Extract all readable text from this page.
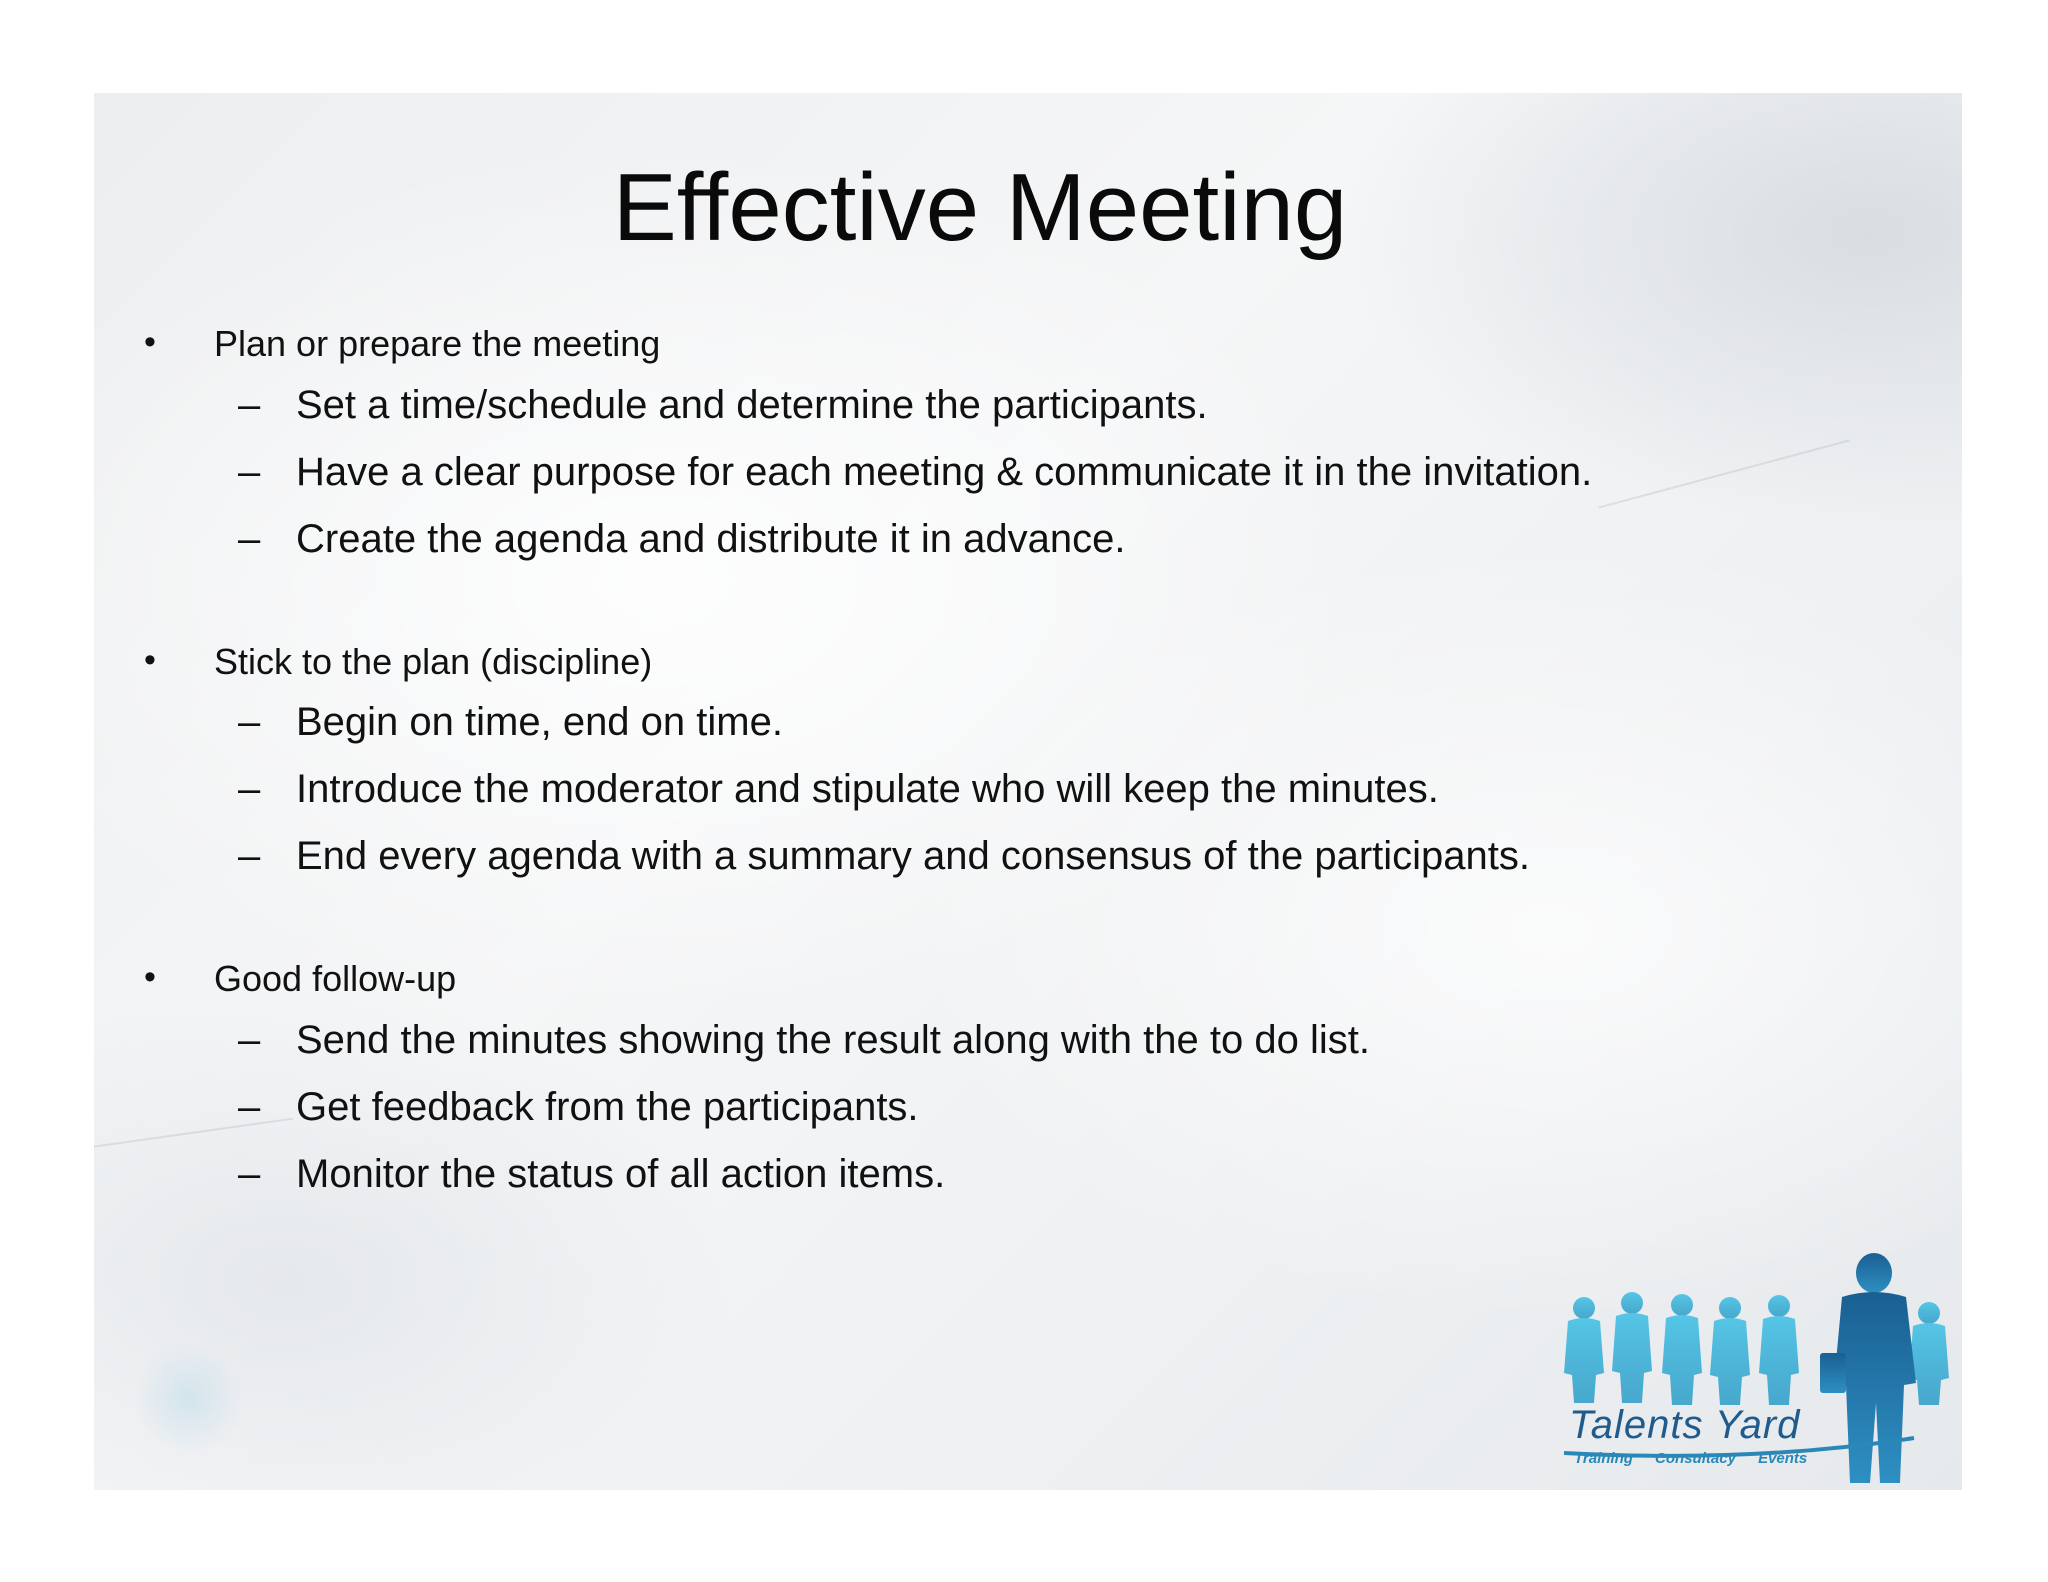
Effective Meeting
• Plan or prepare the meeting
– Set a time/schedule and determine the participants.
– Have a clear purpose for each meeting & communicate it in the invitation.
– Create the agenda and distribute it in advance.
• Stick to the plan (discipline)
– Begin on time, end on time.
– Introduce the moderator and stipulate who will keep the minutes.
– End every agenda with a summary and consensus of the participants.
• Good follow-up
– Send the minutes showing the result along with the to do list.
– Get feedback from the participants.
– Monitor the status of all action items.
Talents Yard
Training Consultacy Events
